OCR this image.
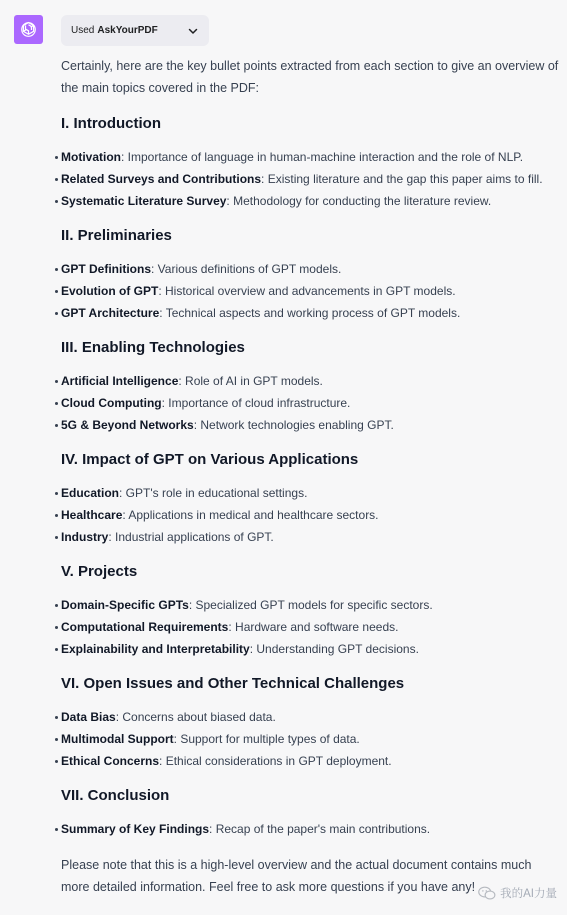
Used AskYourPDF

Certainly, here are the key bullet points extracted from each section to give an overview of the main topics covered in the PDF:

I. Introduction
Motivation: Importance of language in human-machine interaction and the role of NLP.
Related Surveys and Contributions: Existing literature and the gap this paper aims to fill.
Systematic Literature Survey: Methodology for conducting the literature review.
II. Preliminaries
GPT Definitions: Various definitions of GPT models.
Evolution of GPT: Historical overview and advancements in GPT models.
GPT Architecture: Technical aspects and working process of GPT models.
III. Enabling Technologies
Artificial Intelligence: Role of AI in GPT models.
Cloud Computing: Importance of cloud infrastructure.
5G & Beyond Networks: Network technologies enabling GPT.
IV. Impact of GPT on Various Applications
Education: GPT's role in educational settings.
Healthcare: Applications in medical and healthcare sectors.
Industry: Industrial applications of GPT.
V. Projects
Domain-Specific GPTs: Specialized GPT models for specific sectors.
Computational Requirements: Hardware and software needs.
Explainability and Interpretability: Understanding GPT decisions.
VI. Open Issues and Other Technical Challenges
Data Bias: Concerns about biased data.
Multimodal Support: Support for multiple types of data.
Ethical Concerns: Ethical considerations in GPT deployment.
VII. Conclusion
Summary of Key Findings: Recap of the paper's main contributions.

Please note that this is a high-level overview and the actual document contains much more detailed information. Feel free to ask more questions if you have any!	我的AI力量
